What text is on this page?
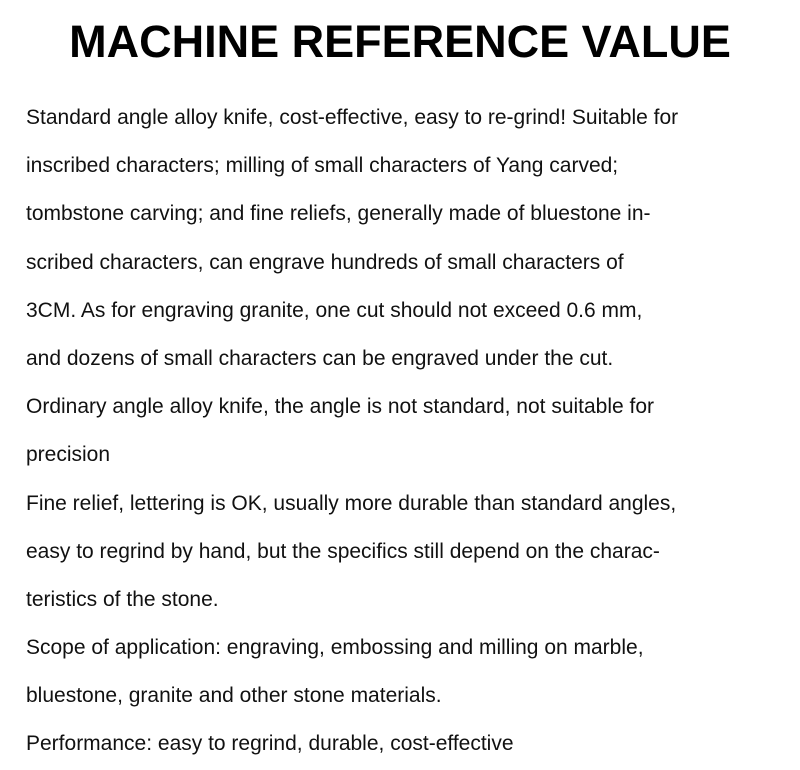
MACHINE REFERENCE VALUE
Standard angle alloy knife, cost-effective, easy to re-grind! Suitable for
inscribed characters; milling of small characters of Yang carved;
tombstone carving; and fine reliefs, generally made of bluestone in-
scribed characters, can engrave hundreds of small characters of
3CM. As for engraving granite, one cut should not exceed 0.6 mm,
and dozens of small characters can be engraved under the cut.
Ordinary angle alloy knife, the angle is not standard, not suitable for
precision
Fine relief, lettering is OK, usually more durable than standard angles,
easy to regrind by hand, but the specifics still depend on the charac-
teristics of the stone.
Scope of application: engraving, embossing and milling on marble,
bluestone, granite and other stone materials.
Performance: easy to regrind, durable, cost-effective
